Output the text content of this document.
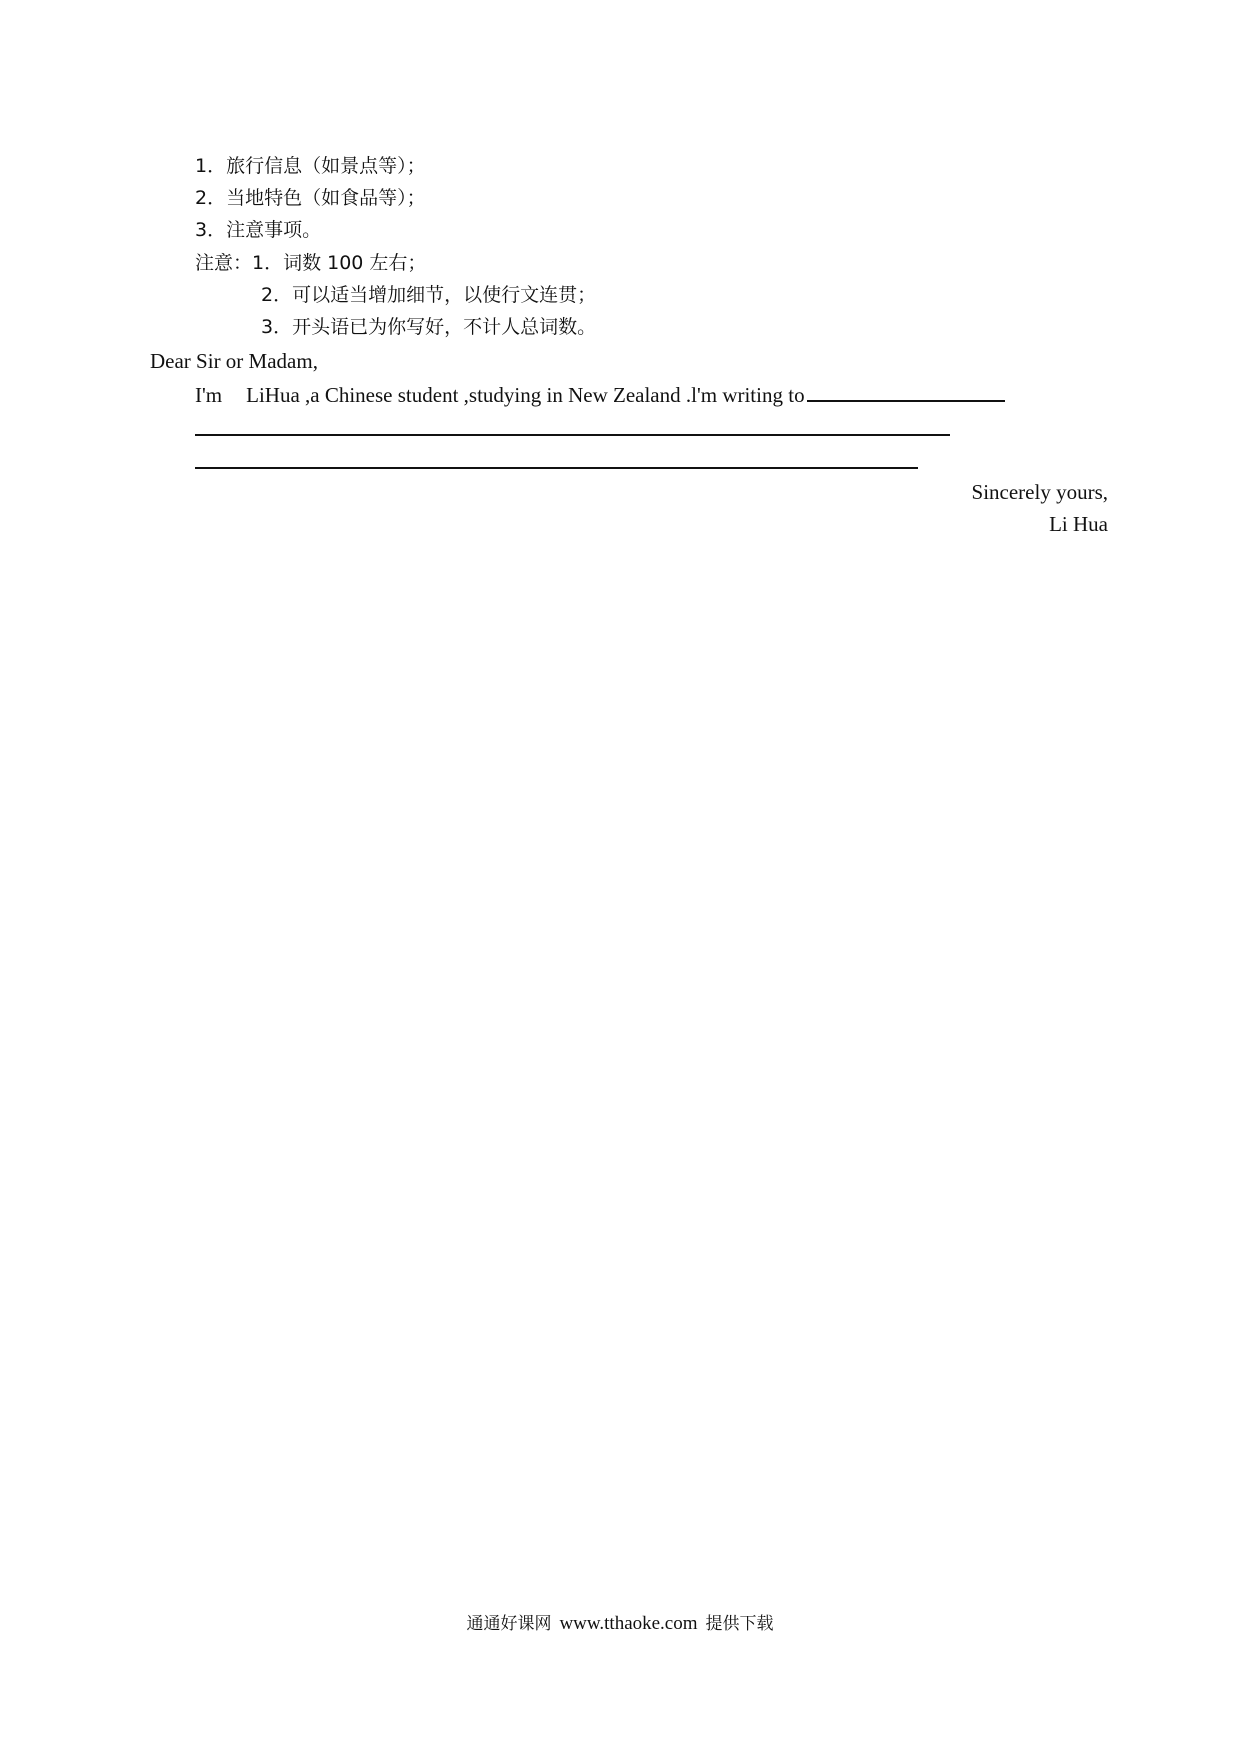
1．旅行信息（如景点等）；
2．当地特色（如食品等）；
3．注意事项。
注意：1．词数 100 左右；
2．可以适当增加细节，以使行文连贯；
3．开头语已为你写好，不计人总词数。
Dear Sir or Madam,
I'm LiHua ,a Chinese student ,studying in New Zealand .l'm writing to
Sincerely yours,
Li Hua
通通好课网 www.tthaoke.com 提供下载
